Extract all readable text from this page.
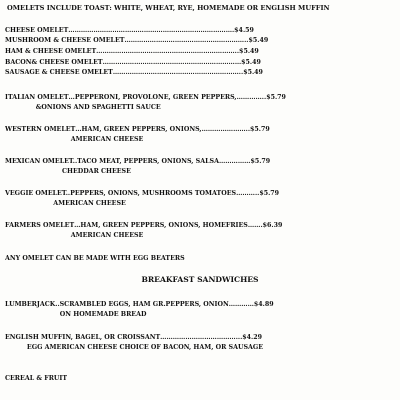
OMELETS INCLUDE TOAST: WHITE, WHEAT, RYE, HOMEMADE OR ENGLISH MUFFIN
CHEESE OMELET…………………………………………………………………….$4.59
MUSHROOM & CHEESE OMELET…………………………………………………..$5.49
HAM & CHEESE OMELET…………………………………………………………..$5.49
BACON& CHEESE OMELET…………………………………………………………$5.49
SAUSAGE & CHEESE OMELET……………………………………………………..$5.49
ITALIAN OMELET…PEPPERONI, PROVOLONE, GREEN PEPPERS,…………..$5.79
&ONIONS AND SPAGHETTI SAUCE
WESTERN OMELET…HAM, GREEN PEPPERS, ONIONS,…………………..$5.79
AMERICAN CHEESE
MEXICAN OMELET..TACO MEAT, PEPPERS, ONIONS, SALSA……………$5.79
CHEDDAR CHEESE
VEGGIE OMELET..PEPPERS, ONIONS, MUSHROOMS TOMATOES………..$5.79
AMERICAN CHEESE
FARMERS OMELET…HAM, GREEN PEPPERS, ONIONS, HOMEFRIES…….$6.39
AMERICAN CHEESE
ANY OMELET CAN BE MADE WITH EGG BEATERS
BREAKFAST SANDWICHES
LUMBERJACK..SCRAMBLED EGGS, HAM GR.PEPPERS, ONION…………$4.89
ON HOMEMADE BREAD
ENGLISH MUFFIN, BAGEL, OR CROISSANT………………………………...$4.29
EGG AMERICAN CHEESE CHOICE OF BACON, HAM, OR SAUSAGE
CEREAL & FRUIT
